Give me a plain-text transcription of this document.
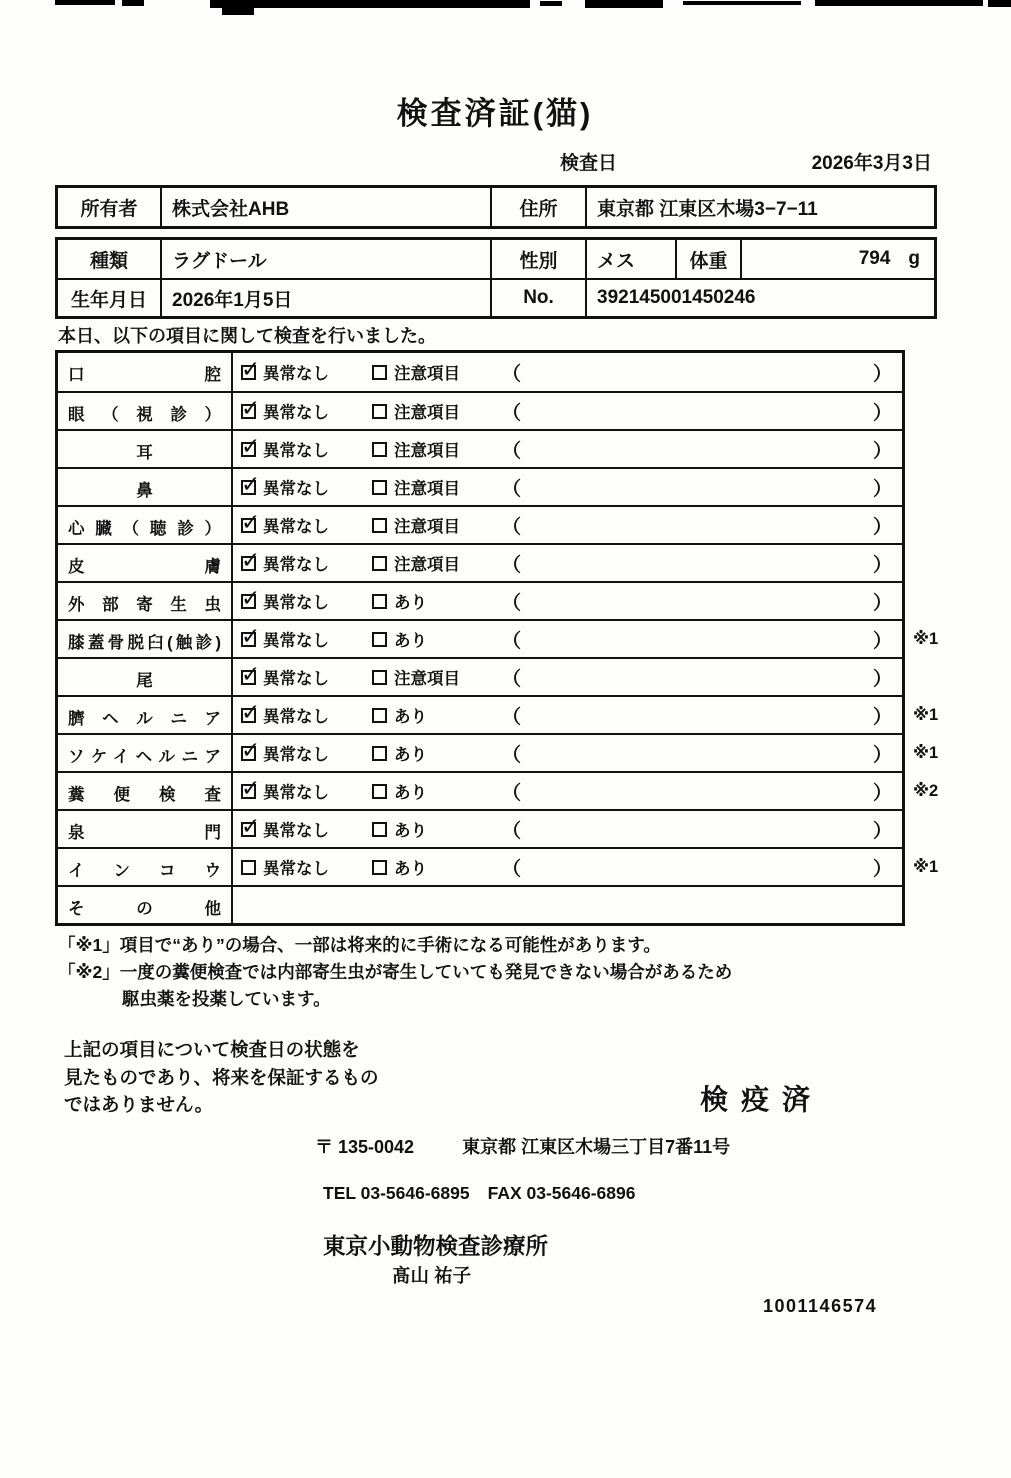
検査済証(猫)
検査日	2026年3月3日
所有者	株式会社AHB	住所	東京都 江東区木場3−7−11
種類	ラグドール	性別	メス	体重	794 g
生年月日	2026年1月5日	No.	392145001450246
本日、以下の項目に関して検査を行いました。
口 腔 ✓	異常なし	注意項目 （	）
眼 （ 視 診 ） ✓	異常なし	注意項目 （	）
耳 ✓	異常なし	注意項目 （	）
鼻 ✓	異常なし	注意項目 （	）
心 臓 （ 聴 診 ） ✓	異常なし	注意項目 （	）
皮 膚 ✓	異常なし	注意項目 （	）
外 部 寄 生 虫 ✓	異常なし	あり	（	）
膝蓋骨脱臼(触診) ✓	異常なし	あり	（	） ※1
尾 ✓	異常なし	注意項目 （	）
臍 ヘ ル ニ ア ✓	異常なし	あり	（	） ※1
ソケイヘルニア ✓	異常なし	あり	（	） ※1
糞 便 検 査 ✓	異常なし	あり	（	） ※2
泉 門 ✓	異常なし	あり	（	）
イ ン コ ウ	異常なし	あり	（	） ※1
そ の 他
「※1」項目で“あり”の場合、一部は将来的に手術になる可能性があります。
「※2」一度の糞便検査では内部寄生虫が寄生していても発見できない場合があるため
駆虫薬を投薬しています。
上記の項目について検査日の状態を
見たものであり、将来を保証するもの
ではありません。	検疫済
〒 135-0042	東京都 江東区木場三丁目7番11号
TEL 03-5646-6895 FAX 03-5646-6896
東京小動物検査診療所
髙山 祐子
1001146574
